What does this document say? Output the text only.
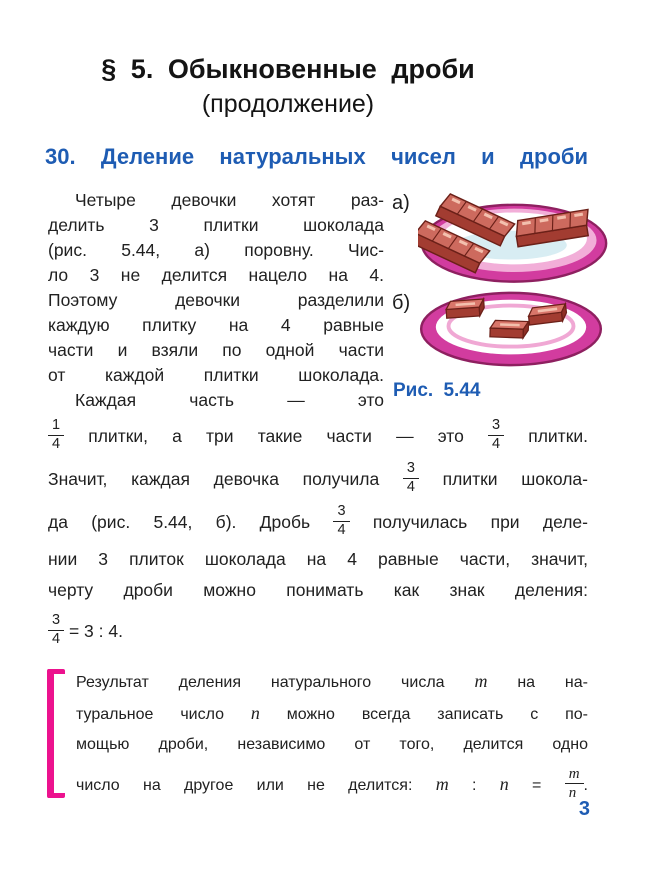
§ 5. Обыкновенные дроби
(продолжение)
30. Деление натуральных чисел и дроби
Четыре девочки хотят раз-
делить 3 плитки шоколада
(рис. 5.44, а) поровну. Чис-
ло 3 не делится нацело на 4.
Поэтому девочки разделили
каждую плитку на 4 равные
части и взяли по одной части
от каждой плитки шоколада.
Каждая часть — это
а)
б)
Рис. 5.44
$\frac{1}{4}$ плитки, а три такие части — это $\frac{3}{4}$ плитки.
Значит, каждая девочка получила $\frac{3}{4}$ плитки шокола-
да (рис. 5.44, б). Дробь $\frac{3}{4}$ получилась при деле-
нии 3 плиток шоколада на 4 равные части, значит,
черту дроби можно понимать как знак деления:
$\frac{3}{4} = 3$ : 4.
Результат деления натурального числа m на на-
туральное число n можно всегда записать с по-
мощью дроби, независимо от того, делится одно
число на другое или не делится: m : $n = \frac{m}{n}$ .
3
